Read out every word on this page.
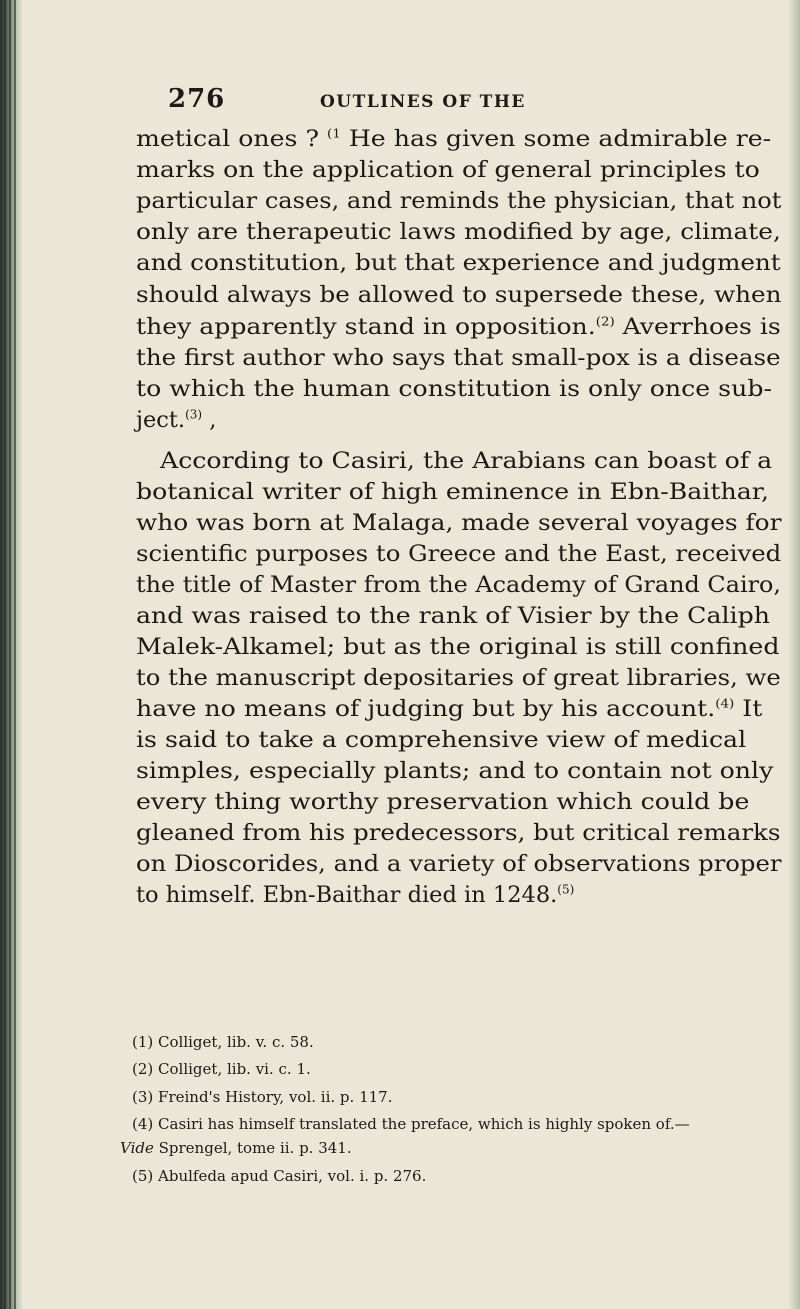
276	OUTLINES OF THE
metical ones ? $^{(1}$ He has given some admirable re-
marks on the application of general principles to
particular cases, and reminds the physician, that not
only are therapeutic laws modified by age, climate,
and constitution, but that experience and judgment
should always be allowed to supersede these, when
they apparently stand in opposition.$^{(2)}$ Averrhoes is
the first author who says that small-pox is a disease
to which the human constitution is only once sub-
ject.$^{(3)}$ ,
According to Casiri, the Arabians can boast of a
botanical writer of high eminence in Ebn-Baithar,
who was born at Malaga, made several voyages for
scientific purposes to Greece and the East, received
the title of Master from the Academy of Grand Cairo,
and was raised to the rank of Visier by the Caliph
Malek-Alkamel; but as the original is still confined
to the manuscript depositaries of great libraries, we
have no means of judging but by his account.$^{(4)}$ It
is said to take a comprehensive view of medical
simples, especially plants; and to contain not only
every thing worthy preservation which could be
gleaned from his predecessors, but critical remarks
on Dioscorides, and a variety of observations proper
to himself. Ebn-Baithar died in 1248.$^{(5)}$
(1) Colliget, lib. v. c. 58.
(2) Colliget, lib. vi. c. 1.
(3) Freind's History, vol. ii. p. 117.
(4) Casiri has himself translated the preface, which is highly spoken of.—
Vide Sprengel, tome ii. p. 341.
(5) Abulfeda apud Casiri, vol. i. p. 276.
